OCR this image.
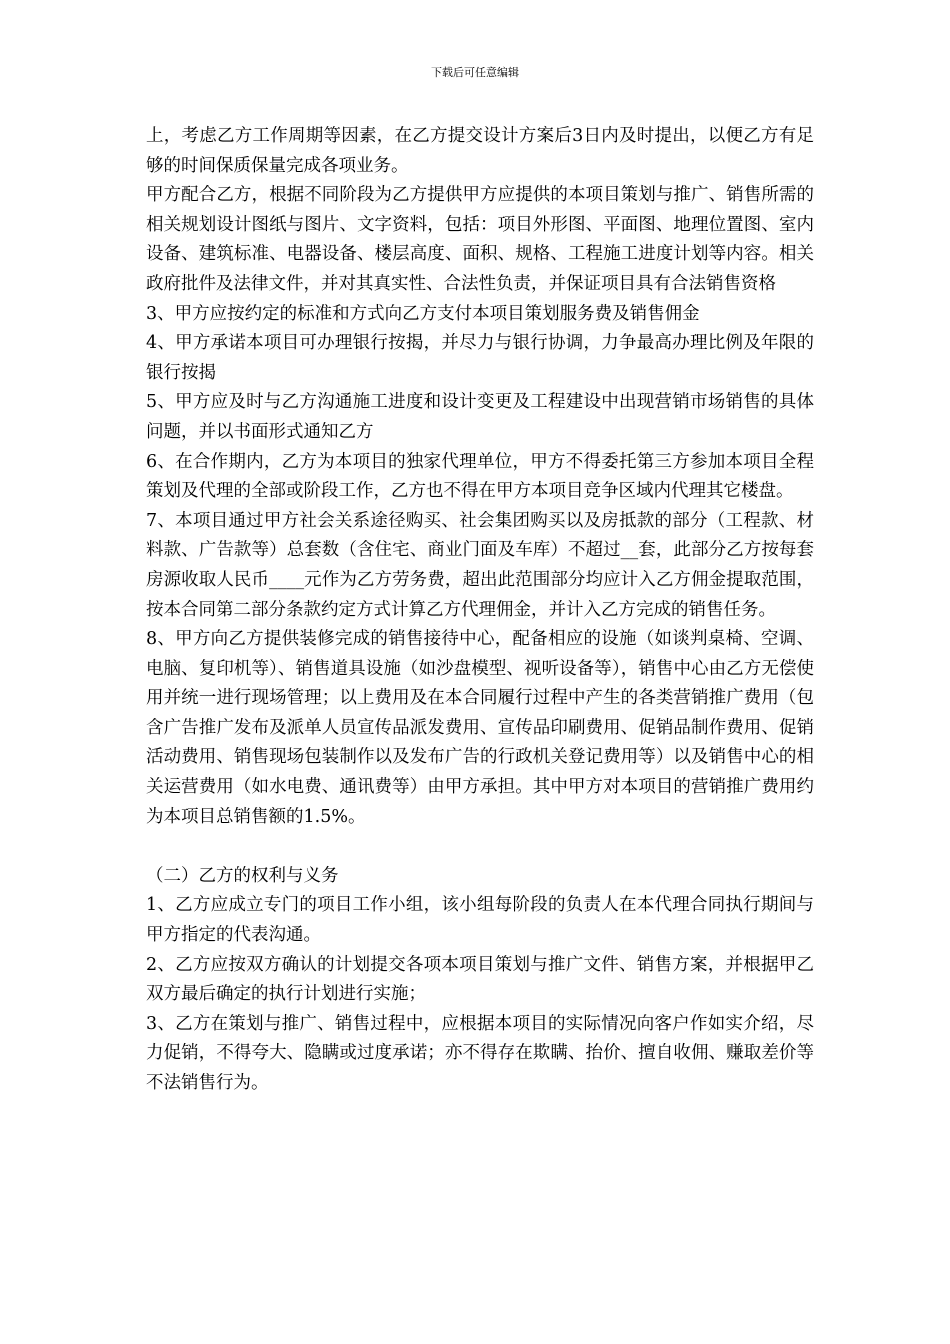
下载后可任意编辑

上，考虑乙方工作周期等因素，在乙方提交设计方案后3日内及时提出，以便乙方有足够的时间保质保量完成各项业务。

甲方配合乙方，根据不同阶段为乙方提供甲方应提供的本项目策划与推广、销售所需的相关规划设计图纸与图片、文字资料，包括：项目外形图、平面图、地理位置图、室内设备、建筑标准、电器设备、楼层高度、面积、规格、工程施工进度计划等内容。相关政府批件及法律文件，并对其真实性、合法性负责，并保证项目具有合法销售资格

3、甲方应按约定的标准和方式向乙方支付本项目策划服务费及销售佣金

4、甲方承诺本项目可办理银行按揭，并尽力与银行协调，力争最高办理比例及年限的银行按揭

5、甲方应及时与乙方沟通施工进度和设计变更及工程建设中出现营销市场销售的具体问题，并以书面形式通知乙方

6、在合作期内，乙方为本项目的独家代理单位，甲方不得委托第三方参加本项目全程策划及代理的全部或阶段工作，乙方也不得在甲方本项目竞争区域内代理其它楼盘。

7、本项目通过甲方社会关系途径购买、社会集团购买以及房抵款的部分（工程款、材料款、广告款等）总套数（含住宅、商业门面及车库）不超过__套，此部分乙方按每套房源收取人民币____元作为乙方劳务费，超出此范围部分均应计入乙方佣金提取范围，按本合同第二部分条款约定方式计算乙方代理佣金，并计入乙方完成的销售任务。

8、甲方向乙方提供装修完成的销售接待中心，配备相应的设施（如谈判桌椅、空调、电脑、复印机等）、销售道具设施（如沙盘模型、视听设备等），销售中心由乙方无偿使用并统一进行现场管理；以上费用及在本合同履行过程中产生的各类营销推广费用（包含广告推广发布及派单人员宣传品派发费用、宣传品印刷费用、促销品制作费用、促销活动费用、销售现场包装制作以及发布广告的行政机关登记费用等）以及销售中心的相关运营费用（如水电费、通讯费等）由甲方承担。其中甲方对本项目的营销推广费用约为本项目总销售额的1.5%。

（二）乙方的权利与义务

1、乙方应成立专门的项目工作小组，该小组每阶段的负责人在本代理合同执行期间与甲方指定的代表沟通。

2、乙方应按双方确认的计划提交各项本项目策划与推广文件、销售方案，并根据甲乙双方最后确定的执行计划进行实施；

3、乙方在策划与推广、销售过程中，应根据本项目的实际情况向客户作如实介绍，尽力促销，不得夸大、隐瞒或过度承诺；亦不得存在欺瞒、抬价、擅自收佣、赚取差价等不法销售行为。
